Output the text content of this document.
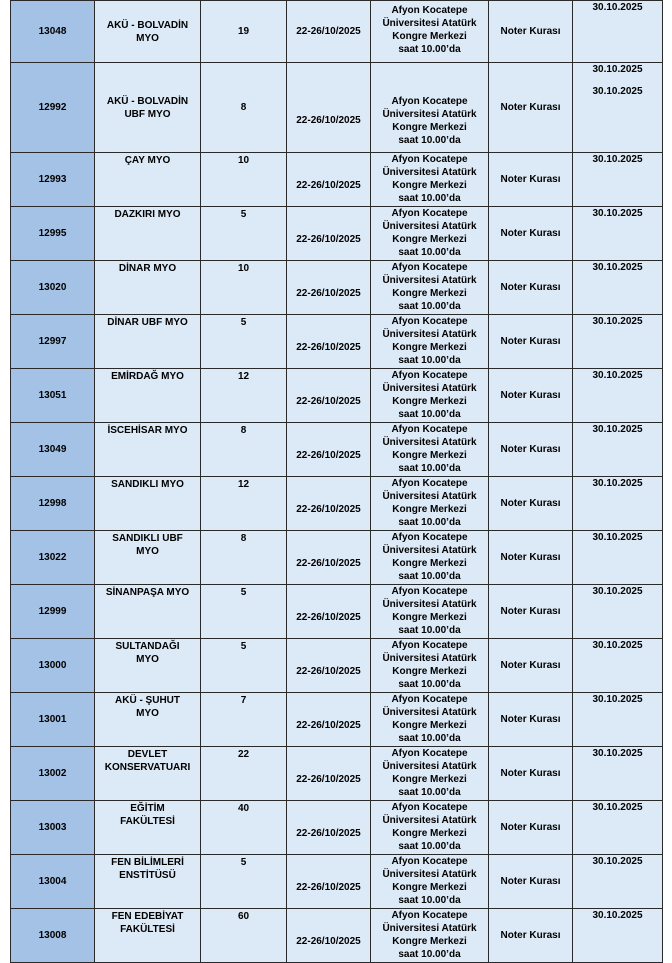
13048	AKÜ - BOLVADİN MYO	19	22-26/10/2025	Afyon Kocatepe
Üniversitesi Atatürk
Kongre Merkezi
saat 10.00’da	Noter Kurası	30.10.2025

12992	AKÜ - BOLVADİN UBF MYO	8	22-26/10/2025	Afyon Kocatepe
Üniversitesi Atatürk
Kongre Merkezi
saat 10.00’da	Noter Kurası	30.10.2025
30.10.2025

12993	ÇAY MYO	10	22-26/10/2025	Afyon Kocatepe
Üniversitesi Atatürk
Kongre Merkezi
saat 10.00’da	Noter Kurası	30.10.2025

12995	DAZKIRI MYO	5	22-26/10/2025	Afyon Kocatepe
Üniversitesi Atatürk
Kongre Merkezi
saat 10.00’da	Noter Kurası	30.10.2025

13020	DİNAR MYO	10	22-26/10/2025	Afyon Kocatepe
Üniversitesi Atatürk
Kongre Merkezi
saat 10.00’da	Noter Kurası	30.10.2025

12997	DİNAR UBF MYO	5	22-26/10/2025	Afyon Kocatepe
Üniversitesi Atatürk
Kongre Merkezi
saat 10.00’da	Noter Kurası	30.10.2025

13051	EMİRDAĞ MYO	12	22-26/10/2025	Afyon Kocatepe
Üniversitesi Atatürk
Kongre Merkezi
saat 10.00’da	Noter Kurası	30.10.2025

13049	İSCEHİSAR MYO	8	22-26/10/2025	Afyon Kocatepe
Üniversitesi Atatürk
Kongre Merkezi
saat 10.00’da	Noter Kurası	30.10.2025

12998	SANDIKLI MYO	12	22-26/10/2025	Afyon Kocatepe
Üniversitesi Atatürk
Kongre Merkezi
saat 10.00’da	Noter Kurası	30.10.2025

13022	SANDIKLI UBF MYO	8	22-26/10/2025	Afyon Kocatepe
Üniversitesi Atatürk
Kongre Merkezi
saat 10.00’da	Noter Kurası	30.10.2025

12999	SİNANPAŞA MYO	5	22-26/10/2025	Afyon Kocatepe
Üniversitesi Atatürk
Kongre Merkezi
saat 10.00’da	Noter Kurası	30.10.2025

13000	SULTANDAĞI MYO	5	22-26/10/2025	Afyon Kocatepe
Üniversitesi Atatürk
Kongre Merkezi
saat 10.00’da	Noter Kurası	30.10.2025

13001	AKÜ - ŞUHUT MYO	7	22-26/10/2025	Afyon Kocatepe
Üniversitesi Atatürk
Kongre Merkezi
saat 10.00’da	Noter Kurası	30.10.2025

13002	DEVLET KONSERVATUARI	22	22-26/10/2025	Afyon Kocatepe
Üniversitesi Atatürk
Kongre Merkezi
saat 10.00’da	Noter Kurası	30.10.2025

13003	EĞİTİM FAKÜLTESİ	40	22-26/10/2025	Afyon Kocatepe
Üniversitesi Atatürk
Kongre Merkezi
saat 10.00’da	Noter Kurası	30.10.2025

13004	FEN BİLİMLERİ ENSTİTÜSÜ	5	22-26/10/2025	Afyon Kocatepe
Üniversitesi Atatürk
Kongre Merkezi
saat 10.00’da	Noter Kurası	30.10.2025

13008	FEN EDEBİYAT FAKÜLTESİ	60	22-26/10/2025	Afyon Kocatepe
Üniversitesi Atatürk
Kongre Merkezi
saat 10.00’da	Noter Kurası	30.10.2025
